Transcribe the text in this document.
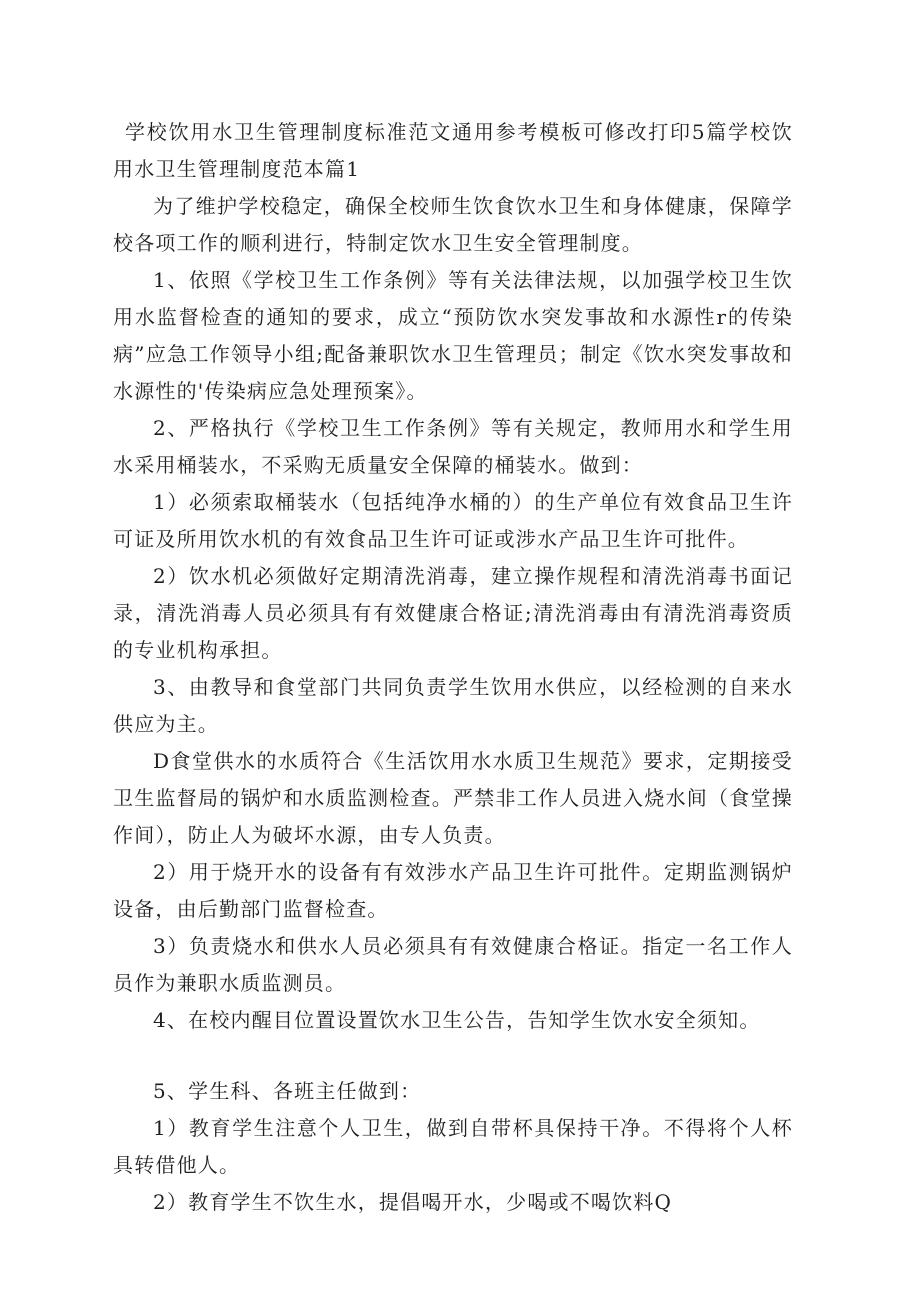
学校饮用水卫生管理制度标准范文通用参考模板可修改打印5篇学校饮用水卫生管理制度范本篇1

为了维护学校稳定，确保全校师生饮食饮水卫生和身体健康，保障学校各项工作的顺利进行，特制定饮水卫生安全管理制度。

1、依照《学校卫生工作条例》等有关法律法规，以加强学校卫生饮用水监督检查的通知的要求，成立“预防饮水突发事故和水源性r的传染病”应急工作领导小组;配备兼职饮水卫生管理员；制定《饮水突发事故和水源性的'传染病应急处理预案》。

2、严格执行《学校卫生工作条例》等有关规定，教师用水和学生用水采用桶装水，不采购无质量安全保障的桶装水。做到：

1）必须索取桶装水（包括纯净水桶的）的生产单位有效食品卫生许可证及所用饮水机的有效食品卫生许可证或涉水产品卫生许可批件。

2）饮水机必须做好定期清洗消毒，建立操作规程和清洗消毒书面记录，清洗消毒人员必须具有有效健康合格证;清洗消毒由有清洗消毒资质的专业机构承担。

3、由教导和食堂部门共同负责学生饮用水供应，以经检测的自来水供应为主。

D食堂供水的水质符合《生活饮用水水质卫生规范》要求，定期接受卫生监督局的锅炉和水质监测检查。严禁非工作人员进入烧水间（食堂操作间），防止人为破坏水源，由专人负责。

2）用于烧开水的设备有有效涉水产品卫生许可批件。定期监测锅炉设备，由后勤部门监督检查。

3）负责烧水和供水人员必须具有有效健康合格证。指定一名工作人员作为兼职水质监测员。

4、在校内醒目位置设置饮水卫生公告，告知学生饮水安全须知。

5、学生科、各班主任做到：

1）教育学生注意个人卫生，做到自带杯具保持干净。不得将个人杯具转借他人。

2）教育学生不饮生水，提倡喝开水，少喝或不喝饮料Q
